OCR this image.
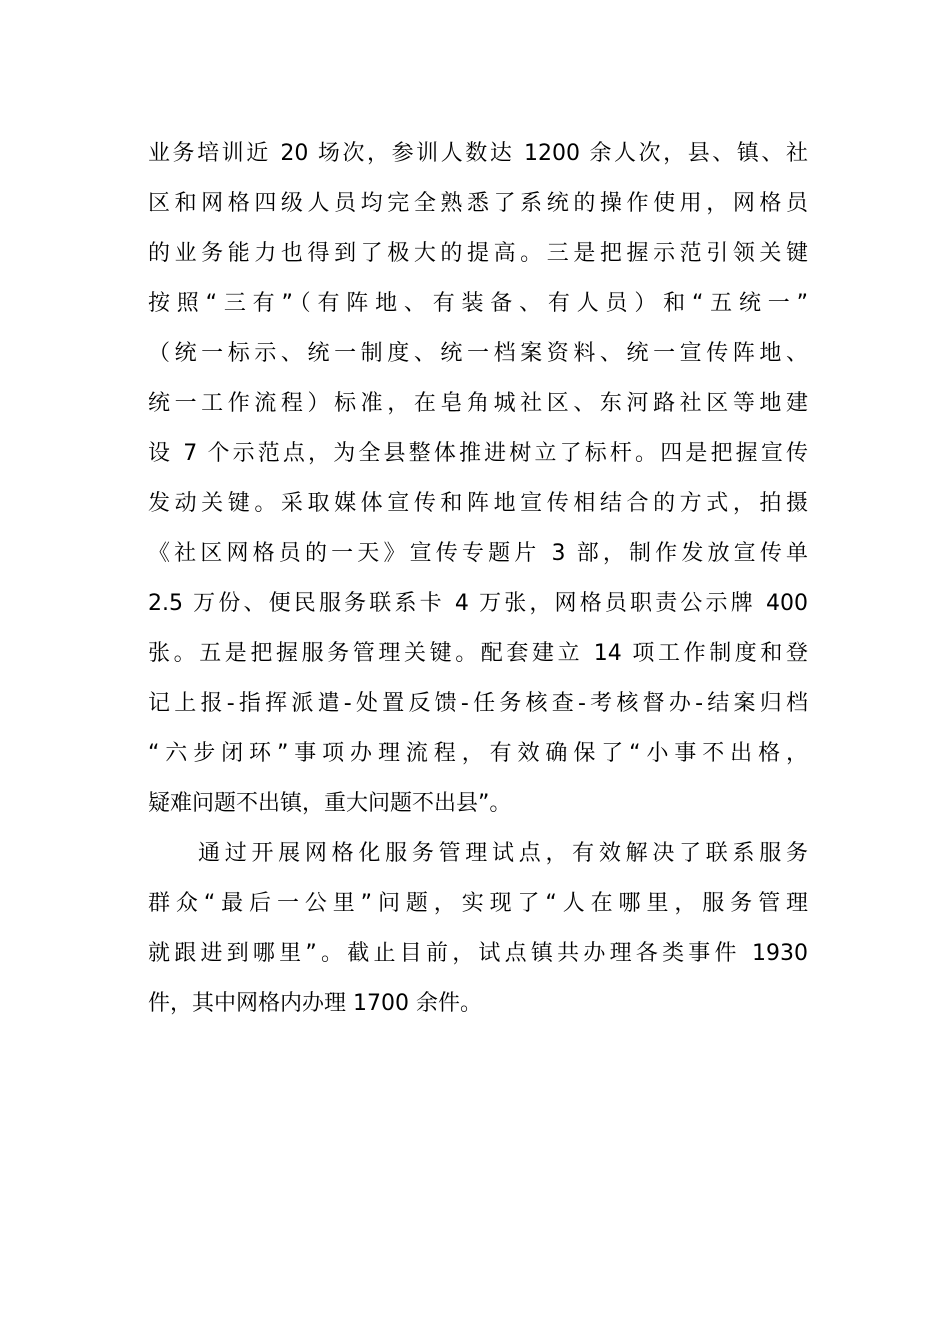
业务培训近 20 场次，参训人数达 1200 余人次，县、镇、社
区和网格四级人员均完全熟悉了系统的操作使用，网格员
的业务能力也得到了极大的提高。三是把握示范引领关键
按照“三有”（有阵地、有装备、有人员）和“五统一”
（统一标示、统一制度、统一档案资料、统一宣传阵地、
统一工作流程）标准，在皂角城社区、东河路社区等地建
设 7 个示范点，为全县整体推进树立了标杆。四是把握宣传
发动关键。采取媒体宣传和阵地宣传相结合的方式，拍摄
《社区网格员的一天》宣传专题片 3 部，制作发放宣传单
2.5 万份、便民服务联系卡 4 万张，网格员职责公示牌 400
张。五是把握服务管理关键。配套建立 14 项工作制度和登
记上报-指挥派遣-处置反馈-任务核查-考核督办-结案归档
“六步闭环”事项办理流程，有效确保了“小事不出格，
疑难问题不出镇，重大问题不出县”。
通过开展网格化服务管理试点，有效解决了联系服务
群众“最后一公里”问题，实现了“人在哪里，服务管理
就跟进到哪里”。截止目前，试点镇共办理各类事件 1930
件，其中网格内办理 1700 余件。
